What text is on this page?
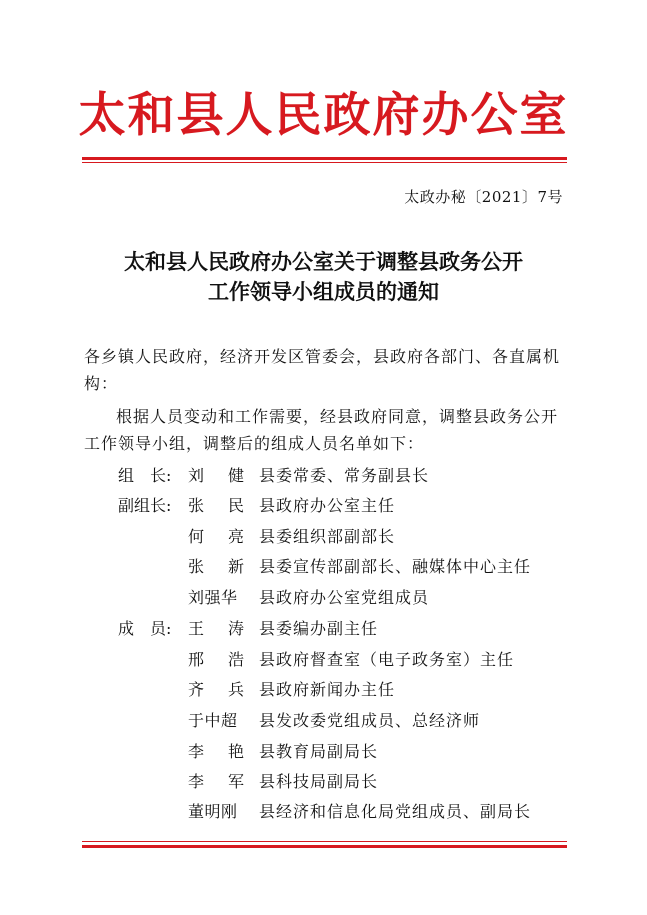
太和县人民政府办公室
太政办秘〔2021〕7号
太和县人民政府办公室关于调整县政务公开
工作领导小组成员的通知
各乡镇人民政府，经济开发区管委会，县政府各部门、各直属机构：
根据人员变动和工作需要，经县政府同意，调整县政务公开工作领导小组，调整后的组成人员名单如下：
组　长: 刘　健 县委常委、常务副县长
副组长: 张　民 县政府办公室主任
何　亮 县委组织部副部长
张　新 县委宣传部副部长、融媒体中心主任
刘强华 县政府办公室党组成员
成　员: 王　涛 县委编办副主任
邢　浩 县政府督查室（电子政务室）主任
齐　兵 县政府新闻办主任
于中超 县发改委党组成员、总经济师
李　艳 县教育局副局长
李　军 县科技局副局长
董明刚 县经济和信息化局党组成员、副局长
